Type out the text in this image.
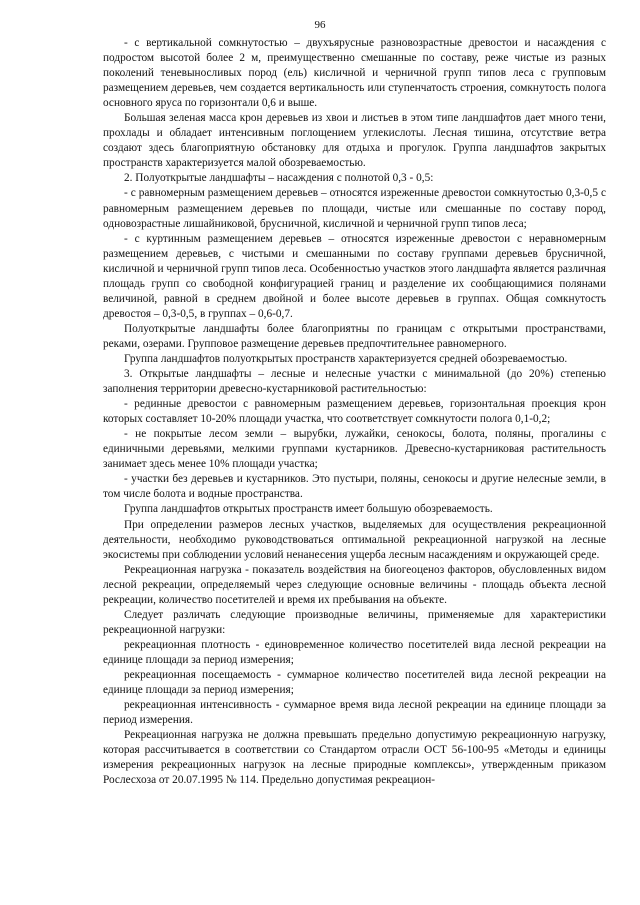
96

- с вертикальной сомкнутостью – двухъярусные разновозрастные древостои и насаждения с подростом высотой более 2 м, преимущественно смешанные по составу, реже чистые из разных поколений теневыносливых пород (ель) кисличной и черничной групп типов леса с групповым размещением деревьев, чем создается вертикальность или ступенчатость строения, сомкнутость полога основного яруса по горизонтали 0,6 и выше.

Большая зеленая масса крон деревьев из хвои и листьев в этом типе ландшафтов дает много тени, прохлады и обладает интенсивным поглощением углекислоты. Лесная тишина, отсутствие ветра создают здесь благоприятную обстановку для отдыха и прогулок. Группа ландшафтов закрытых пространств характеризуется малой обозреваемостью.

2. Полуоткрытые ландшафты – насаждения с полнотой 0,3 - 0,5:

- с равномерным размещением деревьев – относятся изреженные древостои сомкнутостью 0,3-0,5 с равномерным размещением деревьев по площади, чистые или смешанные по составу пород, одновозрастные лишайниковой, брусничной, кисличной и черничной групп типов леса;

- с куртинным размещением деревьев – относятся изреженные древостои с неравномерным размещением деревьев, с чистыми и смешанными по составу группами деревьев брусничной, кисличной и черничной групп типов леса. Особенностью участков этого ландшафта является различная площадь групп со свободной конфигурацией границ и разделение их сообщающимися полянами величиной, равной в среднем двойной и более высоте деревьев в группах. Общая сомкнутость древостоя – 0,3-0,5, в группах – 0,6-0,7.

Полуоткрытые ландшафты более благоприятны по границам с открытыми пространствами, реками, озерами. Групповое размещение деревьев предпочтительнее равномерного.

Группа ландшафтов полуоткрытых пространств характеризуется средней обозреваемостью.

3. Открытые ландшафты – лесные и нелесные участки с минимальной (до 20%) степенью заполнения территории древесно-кустарниковой растительностью:

- рединные древостои с равномерным размещением деревьев, горизонтальная проекция крон которых составляет 10-20% площади участка, что соответствует сомкнутости полога 0,1-0,2;

- не покрытые лесом земли – вырубки, лужайки, сенокосы, болота, поляны, прогалины с единичными деревьями, мелкими группами кустарников. Древесно-кустарниковая растительность занимает здесь менее 10% площади участка;

- участки без деревьев и кустарников. Это пустыри, поляны, сенокосы и другие нелесные земли, в том числе болота и водные пространства.

Группа ландшафтов открытых пространств имеет большую обозреваемость.

При определении размеров лесных участков, выделяемых для осуществления рекреационной деятельности, необходимо руководствоваться оптимальной рекреационной нагрузкой на лесные экосистемы при соблюдении условий ненанесения ущерба лесным насаждениям и окружающей среде.

Рекреационная нагрузка - показатель воздействия на биогеоценоз факторов, обусловленных видом лесной рекреации, определяемый через следующие основные величины - площадь объекта лесной рекреации, количество посетителей и время их пребывания на объекте.

Следует различать следующие производные величины, применяемые для характеристики рекреационной нагрузки:

рекреационная плотность - единовременное количество посетителей вида лесной рекреации на единице площади за период измерения;

рекреационная посещаемость - суммарное количество посетителей вида лесной рекреации на единице площади за период измерения;

рекреационная интенсивность - суммарное время вида лесной рекреации на единице площади за период измерения.

Рекреационная нагрузка не должна превышать предельно допустимую рекреационную нагрузку, которая рассчитывается в соответствии со Стандартом отрасли ОСТ 56-100-95 «Методы и единицы измерения рекреационных нагрузок на лесные природные комплексы», утвержденным приказом Рослесхоза от 20.07.1995 № 114. Предельно допустимая рекреацион-
